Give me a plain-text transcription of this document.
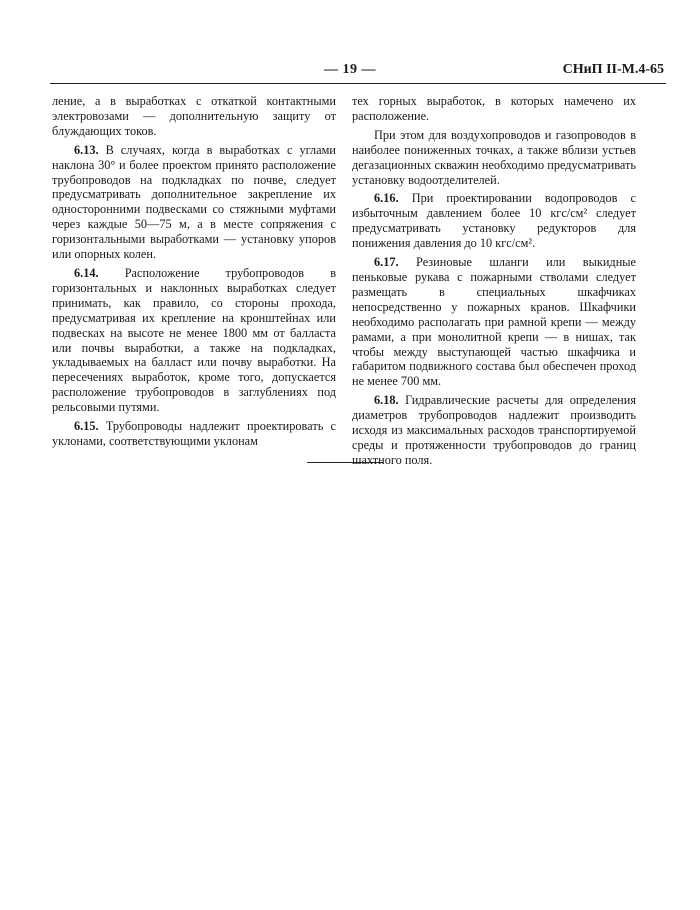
— 19 —	СНиП II-М.4-65

ление, а в выработках с откаткой контактными электровозами — дополнительную защиту от блуждающих токов.

6.13. В случаях, когда в выработках с углами наклона 30° и более проектом принято расположение трубопроводов на подкладках по почве, следует предусматривать дополнительное закрепление их односторонними подвесками со стяжными муфтами через каждые 50—75 м, а в месте сопряжения с горизонтальными выработками — установку упоров или опорных колен.

6.14. Расположение трубопроводов в горизонтальных и наклонных выработках следует принимать, как правило, со стороны прохода, предусматривая их крепление на кронштейнах или подвесках на высоте не менее 1800 мм от балласта или почвы выработки, а также на подкладках, укладываемых на балласт или почву выработки. На пересечениях выработок, кроме того, допускается расположение трубопроводов в заглублениях под рельсовыми путями.

6.15. Трубопроводы надлежит проектировать с уклонами, соответствующими уклонам

тех горных выработок, в которых намечено их расположение.

При этом для воздухопроводов и газопроводов в наиболее пониженных точках, а также вблизи устьев дегазационных скважин необходимо предусматривать установку водоотделителей.

6.16. При проектировании водопроводов с избыточным давлением более 10 кгс/см² следует предусматривать установку редукторов для понижения давления до 10 кгс/см².

6.17. Резиновые шланги или выкидные пеньковые рукава с пожарными стволами следует размещать в специальных шкафчиках непосредственно у пожарных кранов. Шкафчики необходимо располагать при рамной крепи — между рамами, а при монолитной крепи — в нишах, так чтобы между выступающей частью шкафчика и габаритом подвижного состава был обеспечен проход не менее 700 мм.

6.18. Гидравлические расчеты для определения диаметров трубопроводов надлежит производить исходя из максимальных расходов транспортируемой среды и протяженности трубопроводов до границ шахтного поля.
